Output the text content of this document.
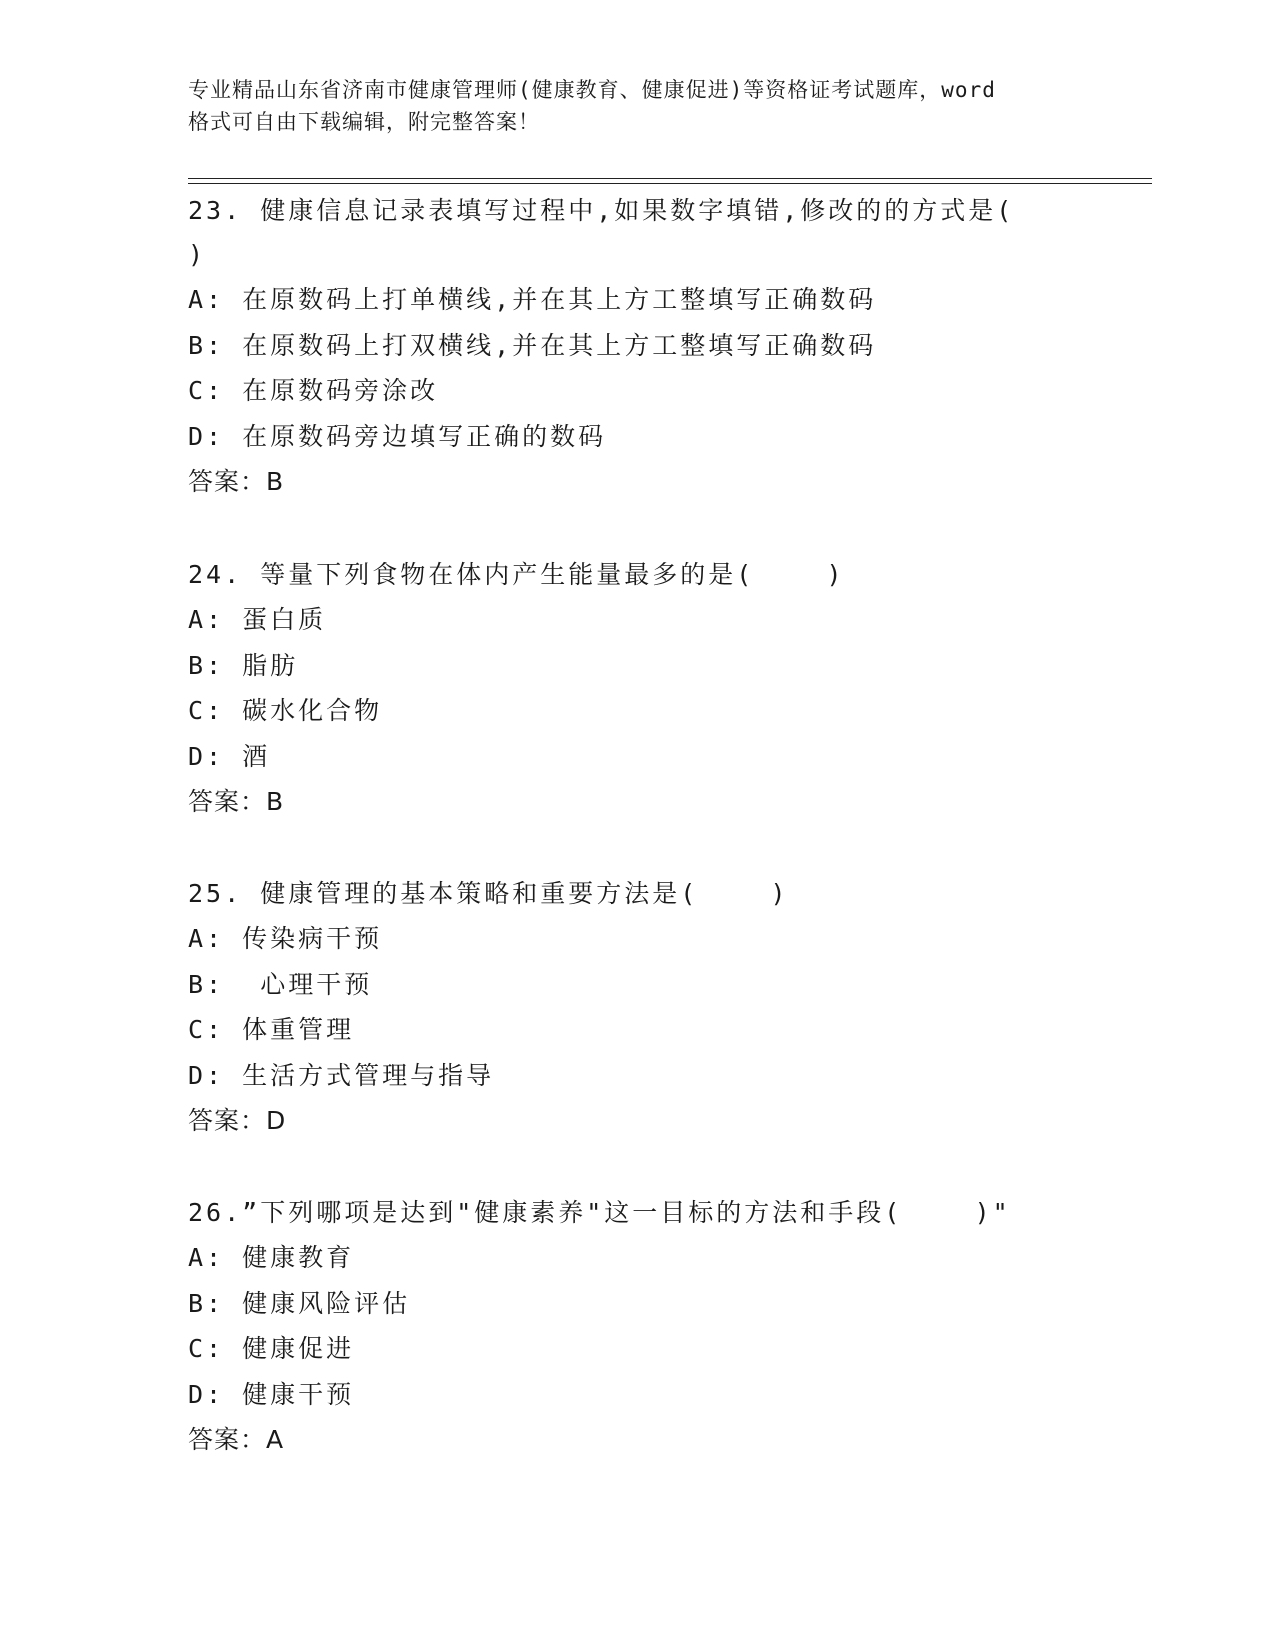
专业精品山东省济南市健康管理师(健康教育、健康促进)等资格证考试题库，word
格式可自由下载编辑，附完整答案！

23. 健康信息记录表填写过程中,如果数字填错,修改的的方式是(

)

A: 在原数码上打单横线,并在其上方工整填写正确数码

B: 在原数码上打双横线,并在其上方工整填写正确数码

C: 在原数码旁涂改

D: 在原数码旁边填写正确的数码

答案：B

24. 等量下列食物在体内产生能量最多的是(    )

A: 蛋白质

B: 脂肪

C: 碳水化合物

D: 酒

答案：B

25. 健康管理的基本策略和重要方法是(    )

A: 传染病干预

B:  心理干预

C: 体重管理

D: 生活方式管理与指导

答案：D

26.”下列哪项是达到"健康素养"这一目标的方法和手段(    )"

A: 健康教育

B: 健康风险评估

C: 健康促进

D: 健康干预

答案：A
